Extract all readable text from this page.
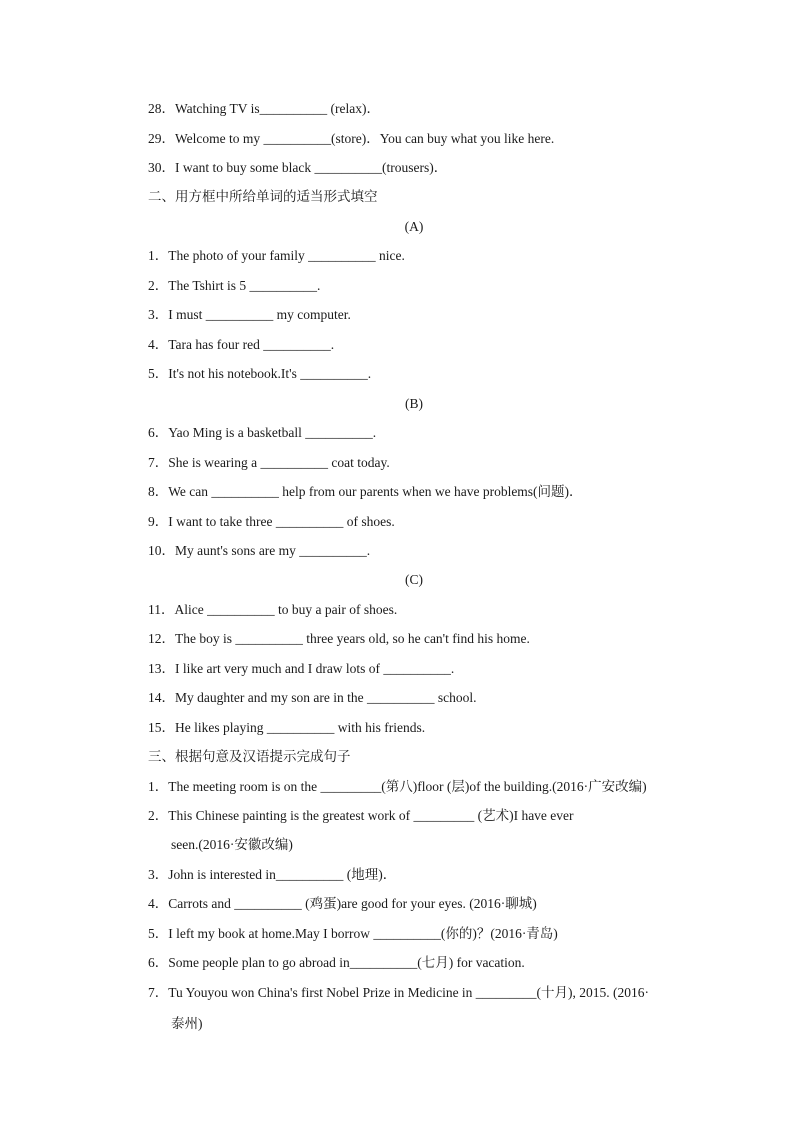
28．Watching TV is__________ (relax)．
29．Welcome to my __________(store)．You can buy what you like here.
30．I want to buy some black __________(trousers)．
二、用方框中所给单词的适当形式填空
(A)
1．The photo of your family __________ nice.
2．The Tshirt is 5 __________.
3．I must __________ my computer.
4．Tara has four red __________.
5．It's not his notebook.It's __________.
(B)
6．Yao Ming is a basketball __________.
7．She is wearing a __________ coat today.
8．We can __________ help from our parents when we have problems(问题)．
9．I want to take three __________ of shoes.
10．My aunt's sons are my __________.
(C)
11．Alice __________ to buy a pair of shoes.
12．The boy is __________ three years old, so he can't find his home.
13．I like art very much and I draw lots of __________.
14．My daughter and my son are in the __________ school.
15．He likes playing __________ with his friends.
三、根据句意及汉语提示完成句子
1．The meeting room is on the _________(第八)floor (层)of the building.(2016·广安改编)
2．This Chinese painting is the greatest work of _________ (艺术)I have ever
seen.(2016·安徽改编)
3．John is interested in__________ (地理)．
4．Carrots and __________ (鸡蛋)are good for your eyes. (2016·聊城)
5．I left my book at home.May I borrow __________(你的)？(2016·青岛)
6．Some people plan to go abroad in__________(七月) for vacation.
7．Tu Youyou won China's first Nobel Prize in Medicine in _________(十月), 2015. (2016·
泰州)
